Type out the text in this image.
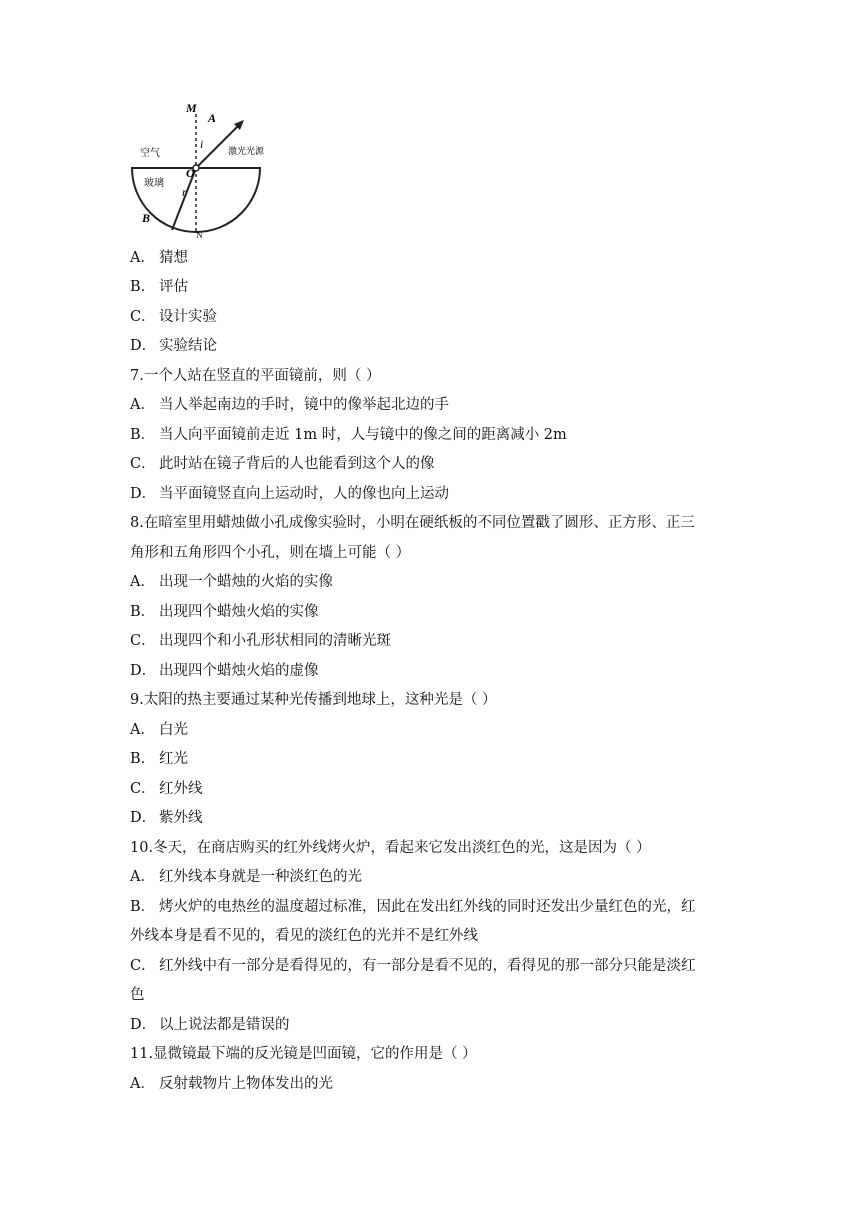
M
A
i
O
r
B
N
空气
玻璃
激光光源
A． 猜想
B． 评估
C． 设计实验
D． 实验结论
7.一个人站在竖直的平面镜前，则（ ）
A． 当人举起南边的手时，镜中的像举起北边的手
B． 当人向平面镜前走近 1m 时，人与镜中的像之间的距离减小 2m
C． 此时站在镜子背后的人也能看到这个人的像
D． 当平面镜竖直向上运动时，人的像也向上运动
8.在暗室里用蜡烛做小孔成像实验时，小明在硬纸板的不同位置戳了圆形、正方形、正三
角形和五角形四个小孔，则在墙上可能（ ）
A． 出现一个蜡烛的火焰的实像
B． 出现四个蜡烛火焰的实像
C． 出现四个和小孔形状相同的清晰光斑
D． 出现四个蜡烛火焰的虚像
9.太阳的热主要通过某种光传播到地球上，这种光是（ ）
A． 白光
B． 红光
C． 红外线
D． 紫外线
10.冬天，在商店购买的红外线烤火炉，看起来它发出淡红色的光，这是因为（ ）
A． 红外线本身就是一种淡红色的光
B． 烤火炉的电热丝的温度超过标准，因此在发出红外线的同时还发出少量红色的光，红
外线本身是看不见的，看见的淡红色的光并不是红外线
C． 红外线中有一部分是看得见的，有一部分是看不见的，看得见的那一部分只能是淡红
色
D． 以上说法都是错误的
11.显微镜最下端的反光镜是凹面镜，它的作用是（ ）
A． 反射载物片上物体发出的光
